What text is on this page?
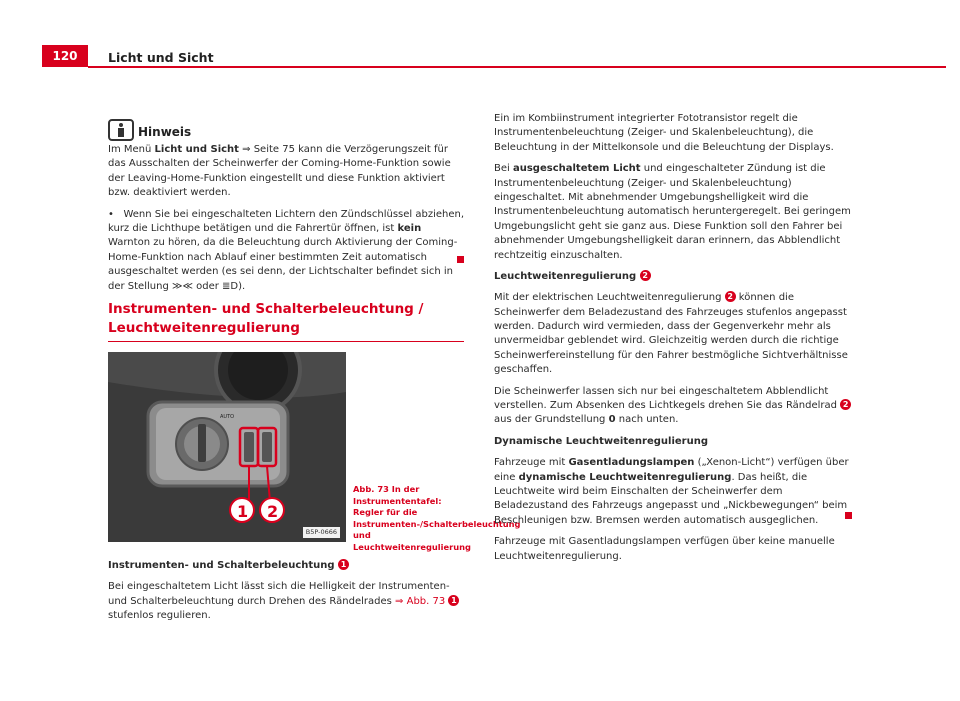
120	Licht und Sicht
Hinweis

Im Menü Licht und Sicht ⇒ Seite 75 kann die Verzögerungszeit für das Ausschalten der Scheinwerfer der Coming-Home-Funktion sowie der Leaving-Home-Funktion eingestellt und diese Funktion aktiviert bzw. deaktiviert werden.

• Wenn Sie bei eingeschalteten Lichtern den Zündschlüssel abziehen, kurz die Lichthupe betätigen und die Fahrertür öffnen, ist kein Warnton zu hören, da die Beleuchtung durch Aktivierung der Coming-Home-Funktion nach Ablauf einer bestimmten Zeit automatisch ausgeschaltet werden (es sei denn, der Lichtschalter befindet sich in der Stellung ≫≪ oder ≣D).

Instrumenten- und Schalterbeleuchtung / Leuchtweitenregulierung
AUTO
1 2
B5P-0666
Abb. 73 In der Instrumententafel: Regler für die Instrumenten-/Schalterbeleuchtung und Leuchtweitenregulierung

Instrumenten- und Schalterbeleuchtung 1

Bei eingeschaltetem Licht lässt sich die Helligkeit der Instrumenten- und Schalterbeleuchtung durch Drehen des Rändelrades ⇒ Abb. 73 1 stufenlos regulieren.

Ein im Kombiinstrument integrierter Fototransistor regelt die Instrumentenbeleuchtung (Zeiger- und Skalenbeleuchtung), die Beleuchtung in der Mittelkonsole und die Beleuchtung der Displays.

Bei ausgeschaltetem Licht und eingeschalteter Zündung ist die Instrumentenbeleuchtung (Zeiger- und Skalenbeleuchtung) eingeschaltet. Mit abnehmender Umgebungshelligkeit wird die Instrumentenbeleuchtung automatisch heruntergeregelt. Bei geringem Umgebungslicht geht sie ganz aus. Diese Funktion soll den Fahrer bei abnehmender Umgebungshelligkeit daran erinnern, das Abblendlicht rechtzeitig einzuschalten.

Leuchtweitenregulierung 2

Mit der elektrischen Leuchtweitenregulierung 2 können die Scheinwerfer dem Beladezustand des Fahrzeuges stufenlos angepasst werden. Dadurch wird vermieden, dass der Gegenverkehr mehr als unvermeidbar geblendet wird. Gleichzeitig werden durch die richtige Scheinwerfereinstellung für den Fahrer bestmögliche Sichtverhältnisse geschaffen.

Die Scheinwerfer lassen sich nur bei eingeschaltetem Abblendlicht verstellen. Zum Absenken des Lichtkegels drehen Sie das Rändelrad 2 aus der Grundstellung 0 nach unten.

Dynamische Leuchtweitenregulierung

Fahrzeuge mit Gasentladungslampen („Xenon-Licht“) verfügen über eine dynamische Leuchtweitenregulierung. Das heißt, die Leuchtweite wird beim Einschalten der Scheinwerfer dem Beladezustand des Fahrzeugs angepasst und „Nickbewegungen“ beim Beschleunigen bzw. Bremsen werden automatisch ausgeglichen.

Fahrzeuge mit Gasentladungslampen verfügen über keine manuelle Leuchtweitenregulierung.
